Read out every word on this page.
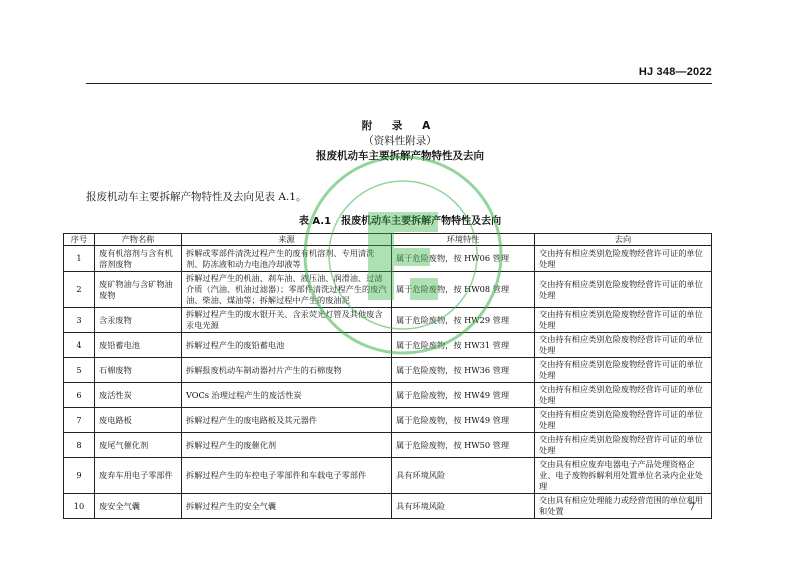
HJ 348—2022
附 录 A
（资料性附录）
报废机动车主要拆解产物特性及去向
报废机动车主要拆解产物特性及去向见表 A.1。
表 A.1 报废机动车主要拆解产物特性及去向
序号	产物名称	来源	环境特性	去向
1	废有机溶剂与含有机溶剂废物	拆解或零部件清洗过程产生的废有机溶剂、专用清洗剂、防冻液和动力电池冷却液等	属于危险废物，按 HW06 管理	交由持有相应类别危险废物经营许可证的单位处理
2	废矿物油与含矿物油废物	拆解过程产生的机油、刹车油、液压油、润滑油、过滤介质（汽油、机油过滤器）；零部件清洗过程产生的废汽油、柴油、煤油等；拆解过程中产生的废油泥	属于危险废物，按 HW08 管理	交由持有相应类别危险废物经营许可证的单位处理
3	含汞废物	拆解过程产生的废水银开关、含汞荧光灯管及其他废含汞电光源	属于危险废物，按 HW29 管理	交由持有相应类别危险废物经营许可证的单位处理
4	废铅蓄电池	拆解过程产生的废铅蓄电池	属于危险废物，按 HW31 管理	交由持有相应类别危险废物经营许可证的单位处理
5	石棉废物	拆解报废机动车制动器衬片产生的石棉废物	属于危险废物，按 HW36 管理	交由持有相应类别危险废物经营许可证的单位处理
6	废活性炭	VOCs 治理过程产生的废活性炭	属于危险废物，按 HW49 管理	交由持有相应类别危险废物经营许可证的单位处理
7	废电路板	拆解过程产生的废电路板及其元器件	属于危险废物，按 HW49 管理	交由持有相应类别危险废物经营许可证的单位处理
8	废尾气催化剂	拆解过程产生的废催化剂	属于危险废物，按 HW50 管理	交由持有相应类别危险废物经营许可证的单位处理
9	废弃车用电子零部件	拆解过程产生的车控电子零部件和车载电子零部件	具有环境风险	交由具有相应废弃电器电子产品处理资格企业、电子废物拆解利用处置单位名录内企业处理
10	废安全气囊	拆解过程产生的安全气囊	具有环境风险	交由具有相应处理能力或经营范围的单位利用和处置	7
